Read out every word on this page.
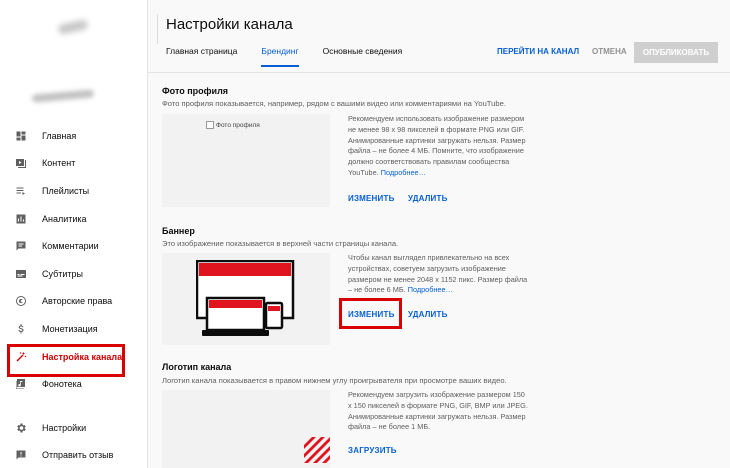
Главная
Контент
Плейлисты
Аналитика
Комментарии
Субтитры
Авторские права
Монетизация
Настройка канала
Фонотека
Настройки
Отправить отзыв
Настройки канала
Главная страница	Брендинг	Основные сведения	ПЕРЕЙТИ НА КАНАЛ ОТМЕНА	ОПУБЛИКОВАТЬ
Фото профиля
Фото профиля показывается, например, рядом с вашими видео или комментариями на YouTube.
Фото профиля
Рекомендуем использовать изображение размером не менее 98 х 98 пикселей в формате PNG или GIF. Анимированные картинки загружать нельзя. Размер файла – не более 4 МБ. Помните, что изображение должно соответствовать правилам сообщества YouTube. Подробнее…
ИЗМЕНИТЬ УДАЛИТЬ
Баннер
Это изображение показывается в верхней части страницы канала.
Чтобы канал выглядел привлекательно на всех устройствах, советуем загрузить изображение размером не менее 2048 х 1152 пикс. Размер файла – не более 6 МБ. Подробнее…
ИЗМЕНИТЬ УДАЛИТЬ
Логотип канала
Логотип канала показывается в правом нижнем углу проигрывателя при просмотре ваших видео.
Рекомендуем загрузить изображение размером 150 х 150 пикселей в формате PNG, GIF, BMP или JPEG. Анимированные картинки загружать нельзя. Размер файла – не более 1 МБ.
ЗАГРУЗИТЬ
